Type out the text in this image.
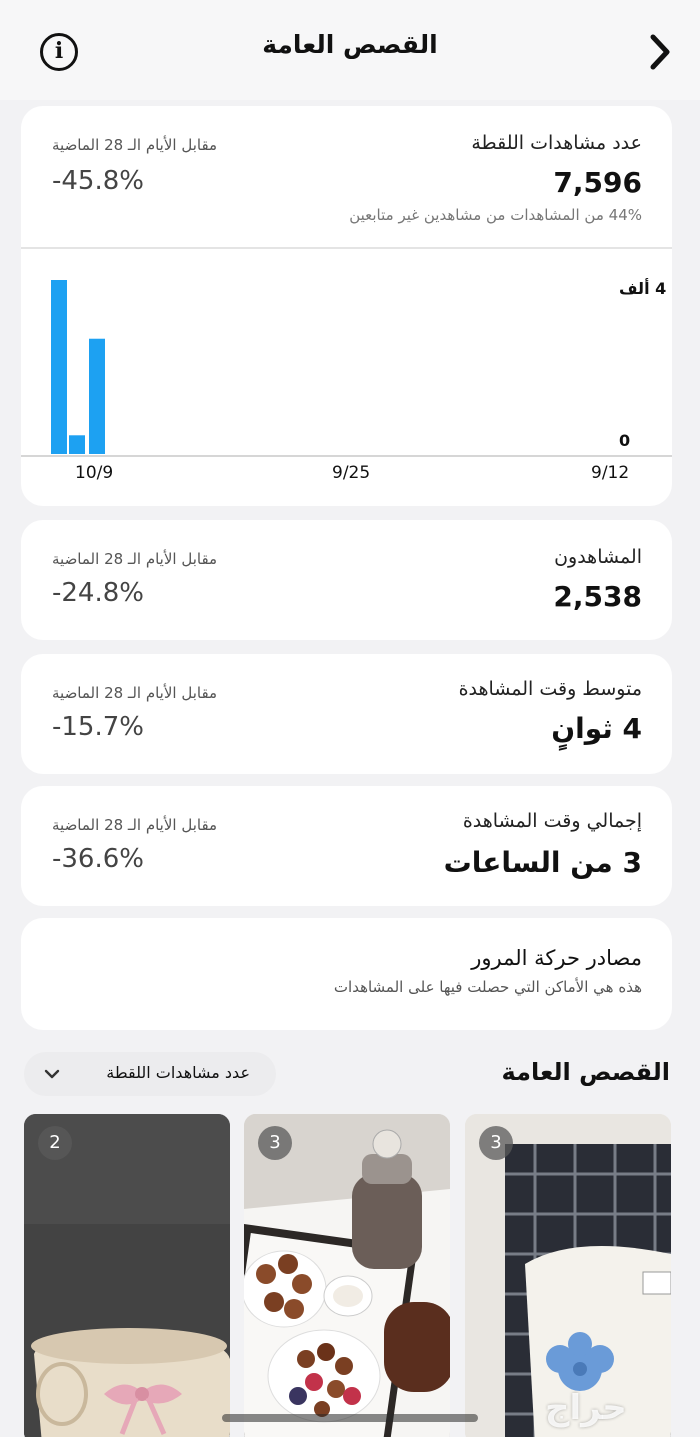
i	القصص العامة
عدد مشاهدات اللقطة
7,596
44% من المشاهدات من مشاهدين غير متابعين
مقابل الأيام الـ 28 الماضية
-45.8%
9/12
9/25
10/9
0
4 ألف
المشاهدون
2,538
مقابل الأيام الـ 28 الماضية
-24.8%
متوسط وقت المشاهدة
4 ثوانٍ
مقابل الأيام الـ 28 الماضية
-15.7%
إجمالي وقت المشاهدة
3 من الساعات
مقابل الأيام الـ 28 الماضية
-36.6%
مصادر حركة المرور
هذه هي الأماكن التي حصلت فيها على المشاهدات
القصص العامة
عدد مشاهدات اللقطة
3
3
2
حراج
